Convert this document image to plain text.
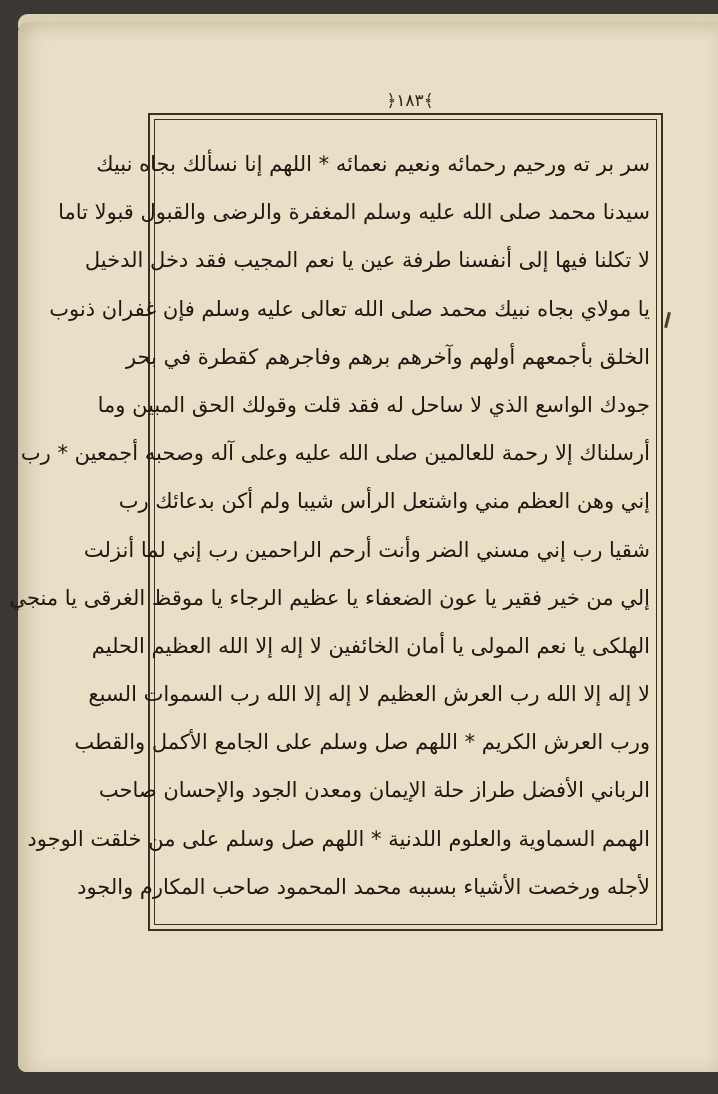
﴿١٨٣﴾
سر بر ته ورحيم رحمائه ونعيم نعمائه * اللهم إنا نسألك بجاه نبيك
سيدنا محمد صلى الله عليه وسلم المغفرة والرضى والقبول قبولا تاما
لا تكلنا فيها إلى أنفسنا طرفة عين يا نعم المجيب فقد دخل الدخيل
يا مولاي بجاه نبيك محمد صلى الله تعالى عليه وسلم فإن غفران ذنوب
الخلق بأجمعهم أولهم وآخرهم برهم وفاجرهم كقطرة في بحر
جودك الواسع الذي لا ساحل له فقد قلت وقولك الحق المبين وما
أرسلناك إلا رحمة للعالمين صلى الله عليه وعلى آله وصحبه أجمعين * رب
إني وهن العظم مني واشتعل الرأس شيبا ولم أكن بدعائك رب
شقيا رب إني مسني الضر وأنت أرحم الراحمين رب إني لما أنزلت
إلي من خير فقير يا عون الضعفاء يا عظيم الرجاء يا موقظ الغرقى يا منجي
الهلكى يا نعم المولى يا أمان الخائفين لا إله إلا الله العظيم الحليم
لا إله إلا الله رب العرش العظيم لا إله إلا الله رب السموات السبع
ورب العرش الكريم * اللهم صل وسلم على الجامع الأكمل والقطب
الرباني الأفضل طراز حلة الإيمان ومعدن الجود والإحسان صاحب
الهمم السماوية والعلوم اللدنية * اللهم صل وسلم على من خلقت الوجود
لأجله ورخصت الأشياء بسببه محمد المحمود صاحب المكارم والجود
